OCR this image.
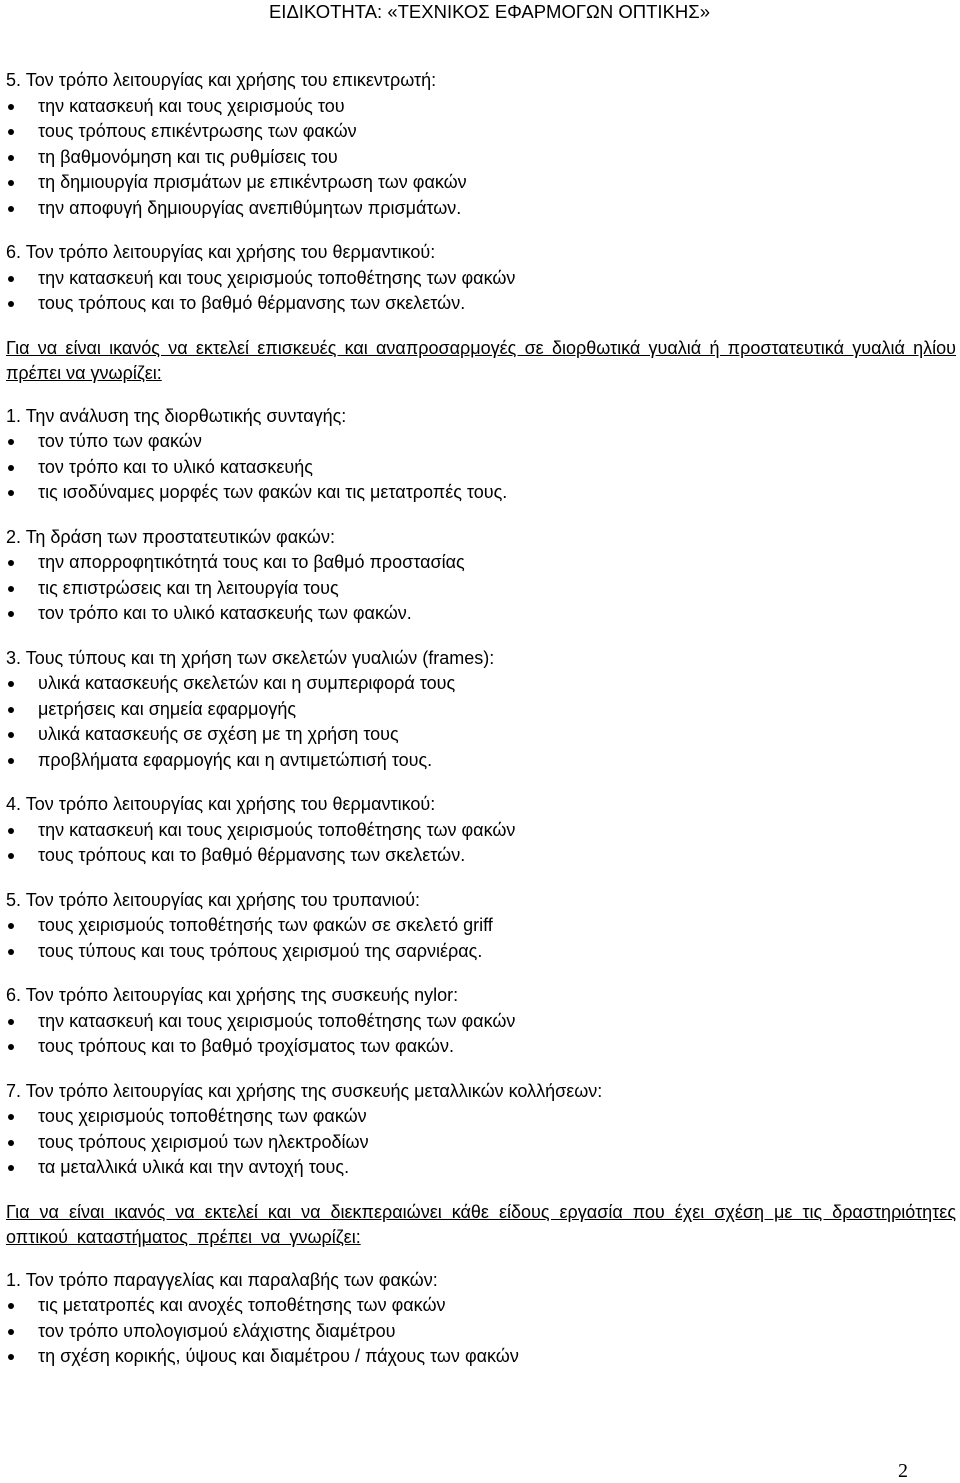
ΕΙΔΙΚΟΤΗΤΑ: «ΤΕΧΝΙΚΟΣ ΕΦΑΡΜΟΓΩΝ ΟΠΤΙΚΗΣ»
5. Τον τρόπο λειτουργίας και χρήσης του επικεντρωτή:
την κατασκευή και τους χειρισμούς του
τους τρόπους επικέντρωσης των φακών
τη βαθμονόμηση και τις ρυθμίσεις του
τη δημιουργία πρισμάτων με επικέντρωση των φακών
την αποφυγή δημιουργίας ανεπιθύμητων πρισμάτων.
6. Τον τρόπο λειτουργίας και χρήσης του θερμαντικού:
την κατασκευή και τους χειρισμούς τοποθέτησης των φακών
τους τρόπους και το βαθμό θέρμανσης των σκελετών.

Για να είναι ικανός να εκτελεί επισκευές και αναπροσαρμογές σε διορθωτικά γυαλιά ή προστατευτικά γυαλιά ηλίου πρέπει να γνωρίζει:

1. Την ανάλυση της διορθωτικής συνταγής:
τον τύπο των φακών
τον τρόπο και το υλικό κατασκευής
τις ισοδύναμες μορφές των φακών και τις μετατροπές τους.
2. Τη δράση των προστατευτικών φακών:
την απορροφητικότητά τους και το βαθμό προστασίας
τις επιστρώσεις και τη λειτουργία τους
τον τρόπο και το υλικό κατασκευής των φακών.
3. Τους τύπους και τη χρήση των σκελετών γυαλιών (frames):
υλικά κατασκευής σκελετών και η συμπεριφορά τους
μετρήσεις και σημεία εφαρμογής
υλικά κατασκευής σε σχέση με τη χρήση τους
προβλήματα εφαρμογής και η αντιμετώπισή τους.
4. Τον τρόπο λειτουργίας και χρήσης του θερμαντικού:
την κατασκευή και τους χειρισμούς τοποθέτησης των φακών
τους τρόπους και το βαθμό θέρμανσης των σκελετών.
5. Τον τρόπο λειτουργίας και χρήσης του τρυπανιού:
τους χειρισμούς τοποθέτησής των φακών σε σκελετό griff
τους τύπους και τους τρόπους χειρισμού της σαρνιέρας.
6. Τον τρόπο λειτουργίας και χρήσης της συσκευής nylor:
την κατασκευή και τους χειρισμούς τοποθέτησης των φακών
τους τρόπους και το βαθμό τροχίσματος των φακών.
7. Τον τρόπο λειτουργίας και χρήσης της συσκευής μεταλλικών κολλήσεων:
τους χειρισμούς τοποθέτησης των φακών
τους τρόπους χειρισμού των ηλεκτροδίων
τα μεταλλικά υλικά και την αντοχή τους.

Για να είναι ικανός να εκτελεί και να διεκπεραιώνει κάθε είδους εργασία που έχει σχέση με τις δραστηριότητες οπτικού καταστήματος πρέπει να γνωρίζει:

1. Τον τρόπο παραγγελίας και παραλαβής των φακών:
τις μετατροπές και ανοχές τοποθέτησης των φακών
τον τρόπο υπολογισμού ελάχιστης διαμέτρου
τη σχέση κορικής, ύψους και διαμέτρου / πάχους των φακών
2
